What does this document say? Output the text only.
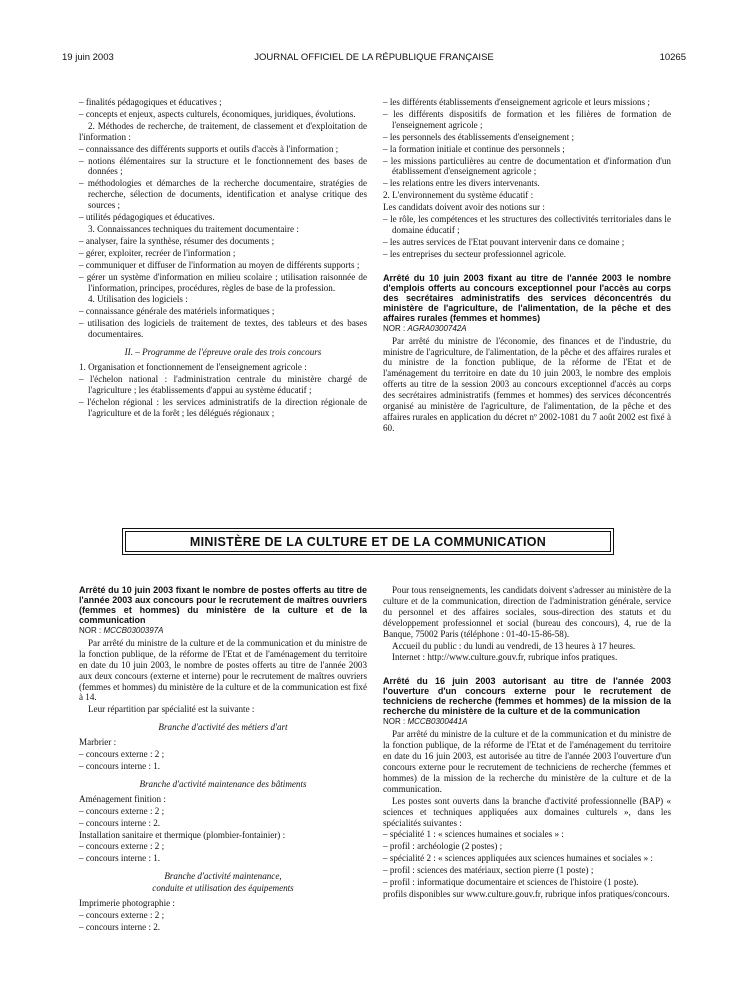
19 juin 2003	JOURNAL OFFICIEL DE LA RÉPUBLIQUE FRANÇAISE	10265

– finalités pédagogiques et éducatives ;

– concepts et enjeux, aspects culturels, économiques, juridiques, évolutions.

2. Méthodes de recherche, de traitement, de classement et d'exploitation de l'information :

– connaissance des différents supports et outils d'accès à l'information ;

– notions élémentaires sur la structure et le fonctionnement des bases de données ;

– méthodologies et démarches de la recherche documentaire, stratégies de recherche, sélection de documents, identification et analyse critique des sources ;

– utilités pédagogiques et éducatives.

3. Connaissances techniques du traitement documentaire :

– analyser, faire la synthèse, résumer des documents ;

– gérer, exploiter, recréer de l'information ;

– communiquer et diffuser de l'information au moyen de différents supports ;

– gérer un système d'information en milieu scolaire ; utilisation raisonnée de l'information, principes, procédures, règles de base de la profession.

4. Utilisation des logiciels :

– connaissance générale des matériels informatiques ;

– utilisation des logiciels de traitement de textes, des tableurs et des bases documentaires.

II. – Programme de l'épreuve orale des trois concours

1. Organisation et fonctionnement de l'enseignement agricole :

– l'échelon national : l'administration centrale du ministère chargé de l'agriculture ; les établissements d'appui au système éducatif ;

– l'échelon régional : les services administratifs de la direction régionale de l'agriculture et de la forêt ; les délégués régionaux ;

– les différents établissements d'enseignement agricole et leurs missions ;

– les différents dispositifs de formation et les filières de formation de l'enseignement agricole ;

– les personnels des établissements d'enseignement ;

– la formation initiale et continue des personnels ;

– les missions particulières au centre de documentation et d'information d'un établissement d'enseignement agricole ;

– les relations entre les divers intervenants.

2. L'environnement du système éducatif :

Les candidats doivent avoir des notions sur :

– le rôle, les compétences et les structures des collectivités territoriales dans le domaine éducatif ;

– les autres services de l'Etat pouvant intervenir dans ce domaine ;

– les entreprises du secteur professionnel agricole.

Arrêté du 10 juin 2003 fixant au titre de l'année 2003 le nombre d'emplois offerts au concours exceptionnel pour l'accès au corps des secrétaires administratifs des services déconcentrés du ministère de l'agriculture, de l'alimentation, de la pêche et des affaires rurales (femmes et hommes)

NOR : AGRA0300742A

Par arrêté du ministre de l'économie, des finances et de l'industrie, du ministre de l'agriculture, de l'alimentation, de la pêche et des affaires rurales et du ministre de la fonction publique, de la réforme de l'Etat et de l'aménagement du territoire en date du 10 juin 2003, le nombre des emplois offerts au titre de la session 2003 au concours exceptionnel d'accès au corps des secrétaires administratifs (femmes et hommes) des services déconcentrés organisé au ministère de l'agriculture, de l'alimentation, de la pêche et des affaires rurales en application du décret nº 2002-1081 du 7 août 2002 est fixé à 60.

MINISTÈRE DE LA CULTURE ET DE LA COMMUNICATION

Arrêté du 10 juin 2003 fixant le nombre de postes offerts au titre de l'année 2003 aux concours pour le recrutement de maîtres ouvriers (femmes et hommes) du ministère de la culture et de la communication

NOR : MCCB0300397A

Par arrêté du ministre de la culture et de la communication et du ministre de la fonction publique, de la réforme de l'Etat et de l'aménagement du territoire en date du 10 juin 2003, le nombre de postes offerts au titre de l'année 2003 aux deux concours (externe et interne) pour le recrutement de maîtres ouvriers (femmes et hommes) du ministère de la culture et de la communication est fixé à 14.

Leur répartition par spécialité est la suivante :

Branche d'activité des métiers d'art

Marbrier :

– concours externe : 2 ;

– concours interne : 1.

Branche d'activité maintenance des bâtiments

Aménagement finition :

– concours externe : 2 ;

– concours interne : 2.

Installation sanitaire et thermique (plombier-fontainier) :

– concours externe : 2 ;

– concours interne : 1.

Branche d'activité maintenance,

conduite et utilisation des équipements

Imprimerie photographie :

– concours externe : 2 ;

– concours interne : 2.

Pour tous renseignements, les candidats doivent s'adresser au ministère de la culture et de la communication, direction de l'administration générale, service du personnel et des affaires sociales, sous-direction des statuts et du développement professionnel et social (bureau des concours), 4, rue de la Banque, 75002 Paris (téléphone : 01-40-15-86-58).

Accueil du public : du lundi au vendredi, de 13 heures à 17 heures.

Internet : http://www.culture.gouv.fr, rubrique infos pratiques.

Arrêté du 16 juin 2003 autorisant au titre de l'année 2003 l'ouverture d'un concours externe pour le recrutement de techniciens de recherche (femmes et hommes) de la mission de la recherche du ministère de la culture et de la communication

NOR : MCCB0300441A

Par arrêté du ministre de la culture et de la communication et du ministre de la fonction publique, de la réforme de l'Etat et de l'aménagement du territoire en date du 16 juin 2003, est autorisée au titre de l'année 2003 l'ouverture d'un concours externe pour le recrutement de techniciens de recherche (femmes et hommes) de la mission de la recherche du ministère de la culture et de la communication.

Les postes sont ouverts dans la branche d'activité professionnelle (BAP) « sciences et techniques appliquées aux domaines culturels », dans les spécialités suivantes :

– spécialité 1 : « sciences humaines et sociales » :

– profil : archéologie (2 postes) ;

– spécialité 2 : « sciences appliquées aux sciences humaines et sociales » :

– profil : sciences des matériaux, section pierre (1 poste) ;

– profil : informatique documentaire et sciences de l'histoire (1 poste).

profils disponibles sur www.culture.gouv.fr, rubrique infos pratiques/concours.
